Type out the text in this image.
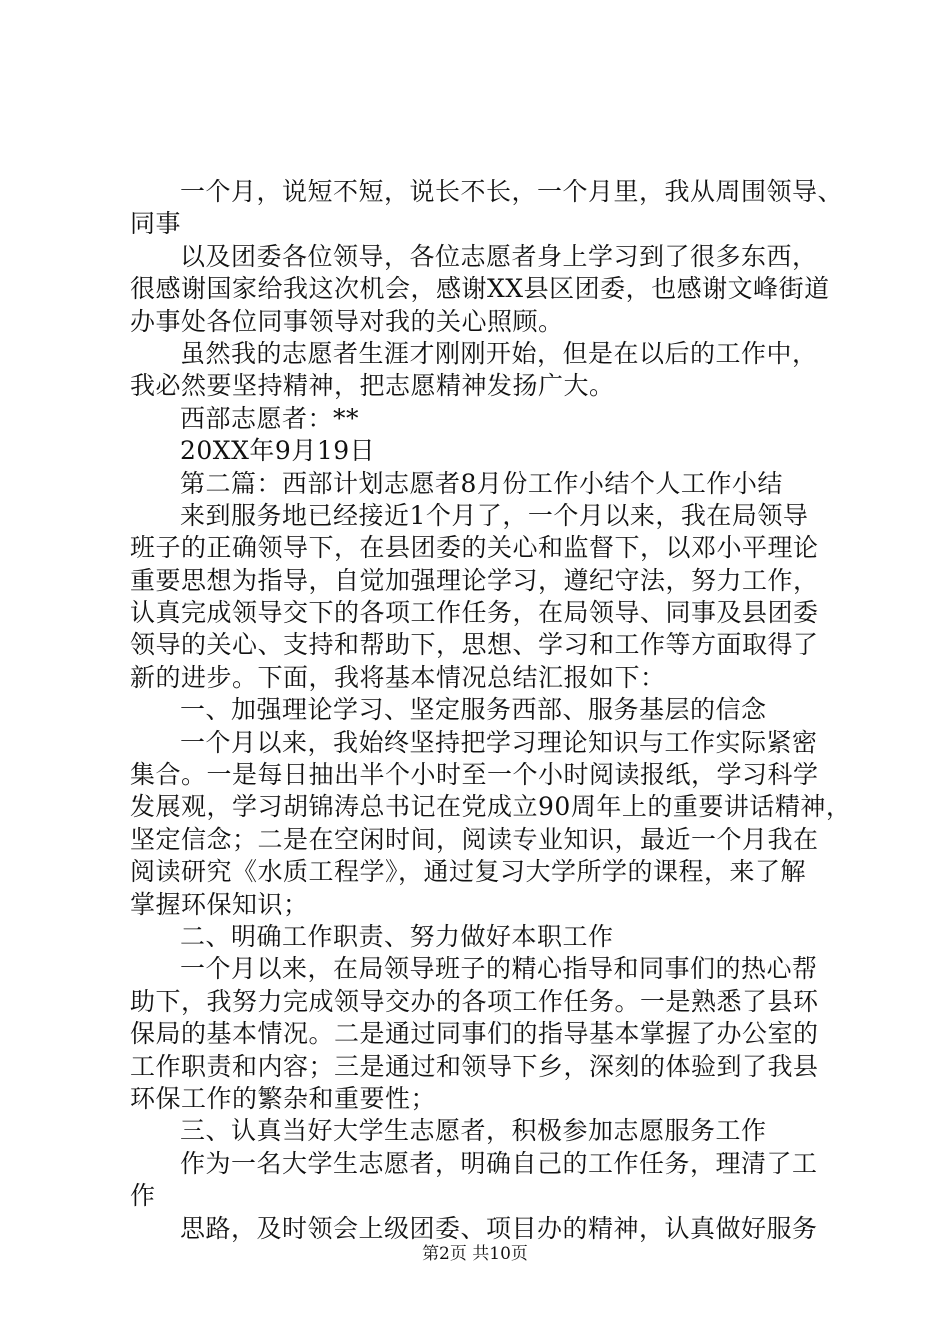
一个月，说短不短，说长不长，一个月里，我从周围领导、
同事
以及团委各位领导，各位志愿者身上学习到了很多东西，
很感谢国家给我这次机会，感谢XX县区团委，也感谢文峰街道
办事处各位同事领导对我的关心照顾。
虽然我的志愿者生涯才刚刚开始，但是在以后的工作中，
我必然要坚持精神，把志愿精神发扬广大。
西部志愿者：**
20XX年9月19日
第二篇：西部计划志愿者8月份工作小结个人工作小结
来到服务地已经接近1个月了，一个月以来，我在局领导
班子的正确领导下，在县团委的关心和监督下，以邓小平理论
重要思想为指导，自觉加强理论学习，遵纪守法，努力工作，
认真完成领导交下的各项工作任务，在局领导、同事及县团委
领导的关心、支持和帮助下，思想、学习和工作等方面取得了
新的进步。下面，我将基本情况总结汇报如下：
一、加强理论学习、坚定服务西部、服务基层的信念
一个月以来，我始终坚持把学习理论知识与工作实际紧密
集合。一是每日抽出半个小时至一个小时阅读报纸，学习科学
发展观，学习胡锦涛总书记在党成立90周年上的重要讲话精神，
坚定信念；二是在空闲时间，阅读专业知识，最近一个月我在
阅读研究《水质工程学》，通过复习大学所学的课程，来了解
掌握环保知识；
二、明确工作职责、努力做好本职工作
一个月以来，在局领导班子的精心指导和同事们的热心帮
助下，我努力完成领导交办的各项工作任务。一是熟悉了县环
保局的基本情况。二是通过同事们的指导基本掌握了办公室的
工作职责和内容；三是通过和领导下乡，深刻的体验到了我县
环保工作的繁杂和重要性；
三、认真当好大学生志愿者，积极参加志愿服务工作
作为一名大学生志愿者，明确自己的工作任务，理清了工
作
思路，及时领会上级团委、项目办的精神，认真做好服务
第2页 共10页
